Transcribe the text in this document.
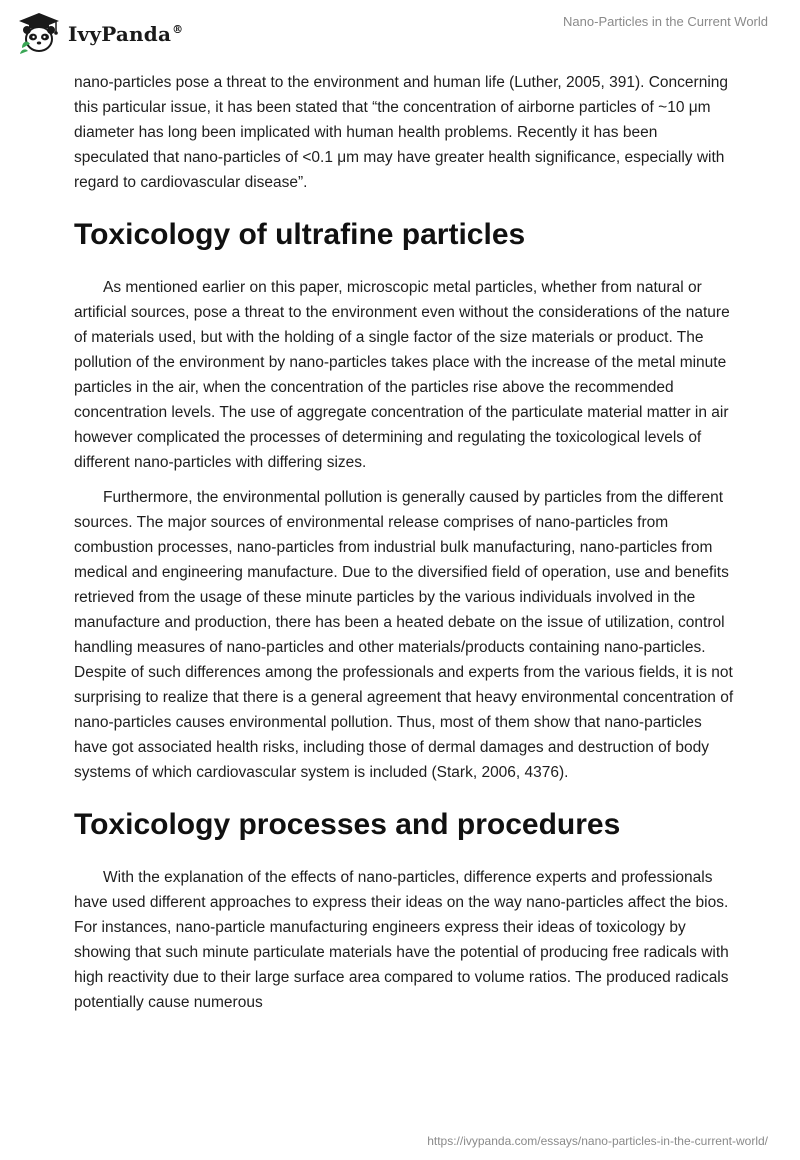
IvyPanda®
Nano-Particles in the Current World

nano-particles pose a threat to the environment and human life (Luther, 2005, 391). Concerning this particular issue, it has been stated that “the concentration of airborne particles of ~10 μm diameter has long been implicated with human health problems. Recently it has been speculated that nano-particles of <0.1 μm may have greater health significance, especially with regard to cardiovascular disease”.

Toxicology of ultrafine particles

As mentioned earlier on this paper, microscopic metal particles, whether from natural or artificial sources, pose a threat to the environment even without the considerations of the nature of materials used, but with the holding of a single factor of the size materials or product. The pollution of the environment by nano-particles takes place with the increase of the metal minute particles in the air, when the concentration of the particles rise above the recommended concentration levels. The use of aggregate concentration of the particulate material matter in air however complicated the processes of determining and regulating the toxicological levels of different nano-particles with differing sizes.

Furthermore, the environmental pollution is generally caused by particles from the different sources. The major sources of environmental release comprises of nano-particles from combustion processes, nano-particles from industrial bulk manufacturing, nano-particles from medical and engineering manufacture. Due to the diversified field of operation, use and benefits retrieved from the usage of these minute particles by the various individuals involved in the manufacture and production, there has been a heated debate on the issue of utilization, control handling measures of nano-particles and other materials/products containing nano-particles. Despite of such differences among the professionals and experts from the various fields, it is not surprising to realize that there is a general agreement that heavy environmental concentration of nano-particles causes environmental pollution. Thus, most of them show that nano-particles have got associated health risks, including those of dermal damages and destruction of body systems of which cardiovascular system is included (Stark, 2006, 4376).

Toxicology processes and procedures

With the explanation of the effects of nano-particles, difference experts and professionals have used different approaches to express their ideas on the way nano-particles affect the bios. For instances, nano-particle manufacturing engineers express their ideas of toxicology by showing that such minute particulate materials have the potential of producing free radicals with high reactivity due to their large surface area compared to volume ratios. The produced radicals potentially cause numerous

https://ivypanda.com/essays/nano-particles-in-the-current-world/
